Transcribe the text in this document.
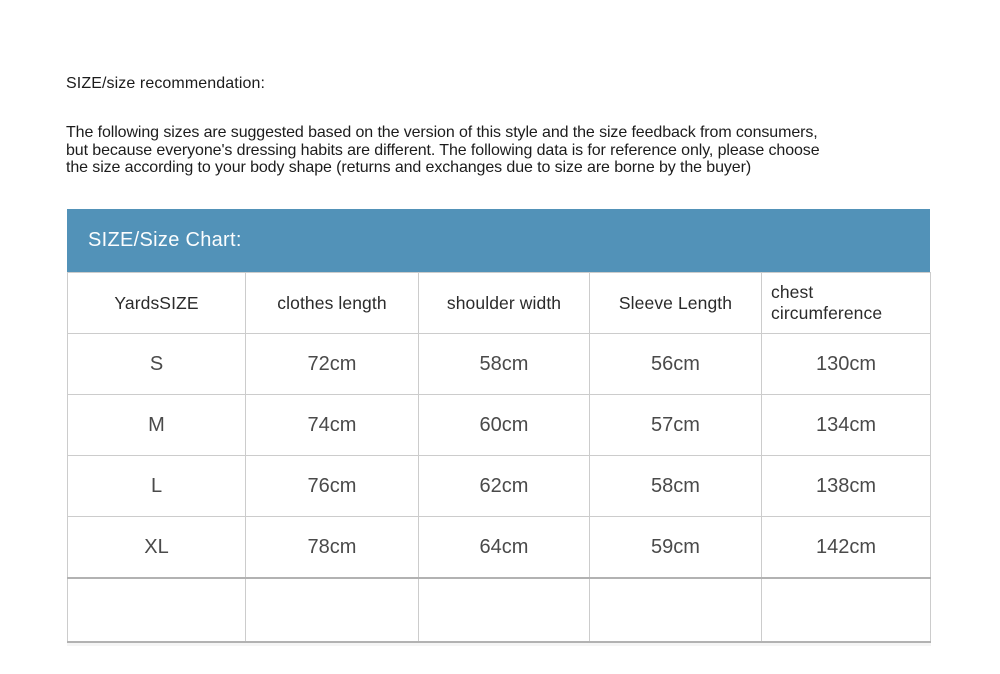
SIZE/size recommendation:
The following sizes are suggested based on the version of this style and the size feedback from consumers,
but because everyone's dressing habits are different. The following data is for reference only, please choose
the size according to your body shape (returns and exchanges due to size are borne by the buyer)
SIZE/Size Chart:
YardsSIZE	clothes length	shoulder width	Sleeve Length	chest circumference
S	72cm	58cm	56cm	130cm
M	74cm	60cm	57cm	134cm
L	76cm	62cm	58cm	138cm
XL	78cm	64cm	59cm	142cm
